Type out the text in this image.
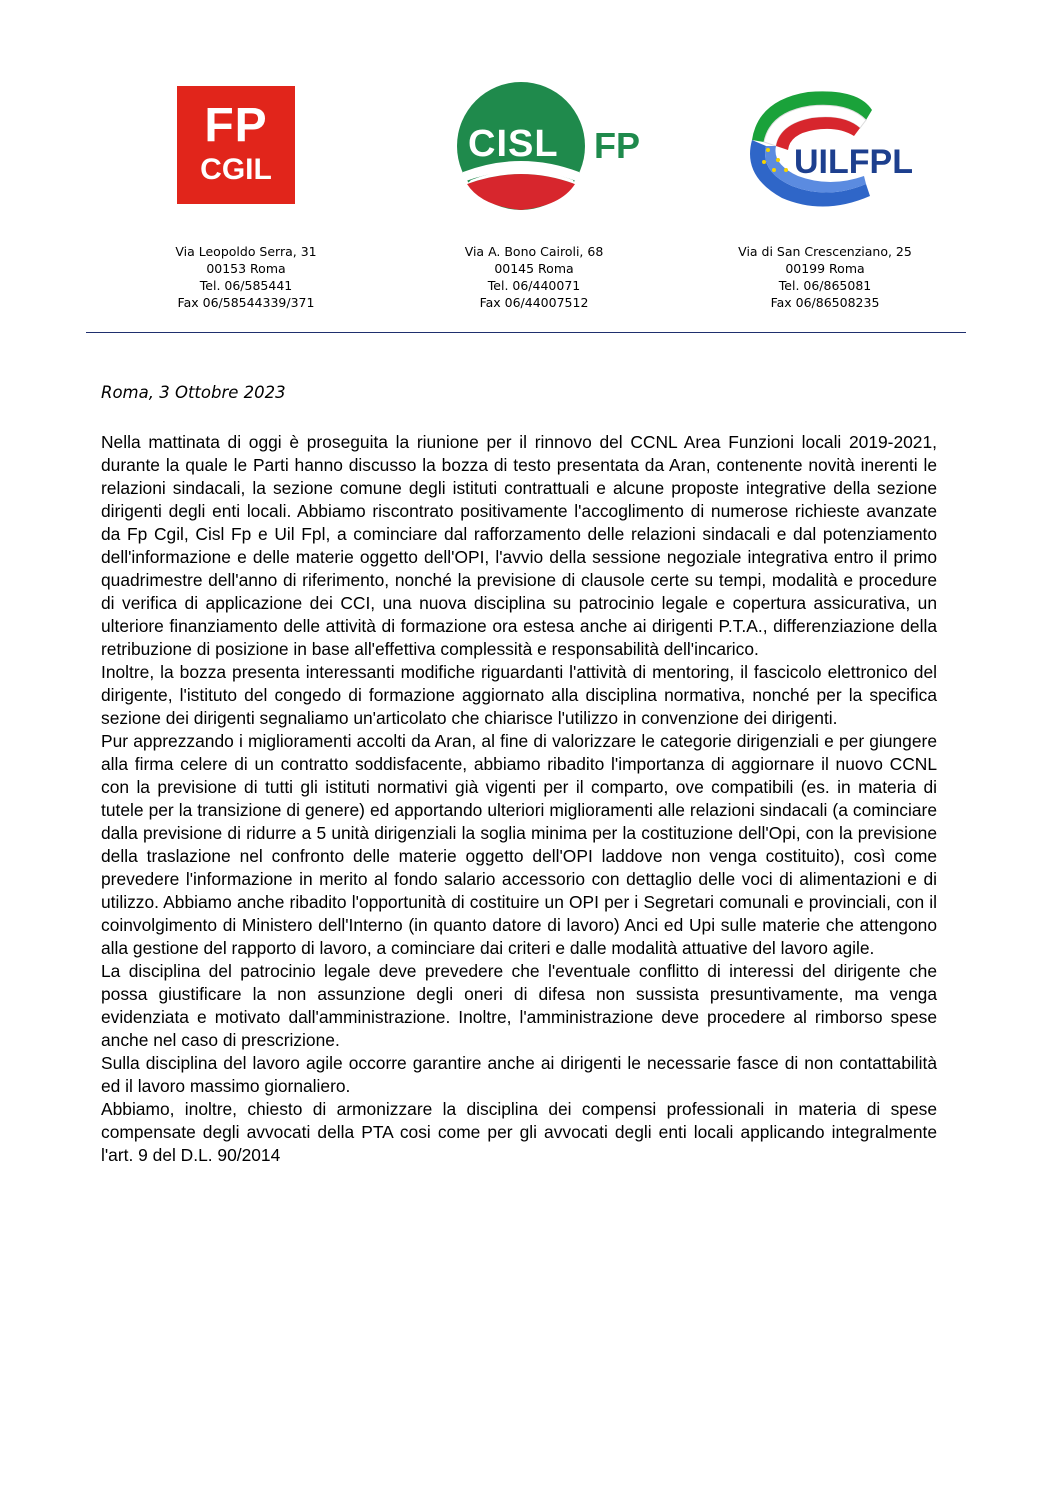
FP
CGIL
CISL FP	UILFPL
Via Leopoldo Serra, 31
00153 Roma
Tel. 06/585441
Fax 06/58544339/371
Via A. Bono Cairoli, 68
00145 Roma
Tel. 06/440071
Fax 06/44007512
Via di San Crescenziano, 25
00199 Roma
Tel. 06/865081
Fax 06/86508235
Roma, 3 Ottobre 2023

Nella mattinata di oggi è proseguita la riunione per il rinnovo del CCNL Area Funzioni locali 2019-2021, durante la quale le Parti hanno discusso la bozza di testo presentata da Aran, contenente novità inerenti le relazioni sindacali, la sezione comune degli istituti contrattuali e alcune proposte integrative della sezione dirigenti degli enti locali. Abbiamo riscontrato positivamente l'accoglimento di numerose richieste avanzate da Fp Cgil, Cisl Fp e Uil Fpl, a cominciare dal rafforzamento delle relazioni sindacali e dal potenziamento dell'informazione e delle materie oggetto dell'OPI, l'avvio della sessione negoziale integrativa entro il primo quadrimestre dell'anno di riferimento, nonché la previsione di clausole certe su tempi, modalità e procedure di verifica di applicazione dei CCI, una nuova disciplina su patrocinio legale e copertura assicurativa, un ulteriore finanziamento delle attività di formazione ora estesa anche ai dirigenti P.T.A., differenziazione della retribuzione di posizione in base all'effettiva complessità e responsabilità dell'incarico.

Inoltre, la bozza presenta interessanti modifiche riguardanti l'attività di mentoring, il fascicolo elettronico del dirigente, l'istituto del congedo di formazione aggiornato alla disciplina normativa, nonché per la specifica sezione dei dirigenti segnaliamo un'articolato che chiarisce l'utilizzo in convenzione dei dirigenti.

Pur apprezzando i miglioramenti accolti da Aran, al fine di valorizzare le categorie dirigenziali e per giungere alla firma celere di un contratto soddisfacente, abbiamo ribadito l'importanza di aggiornare il nuovo CCNL con la previsione di tutti gli istituti normativi già vigenti per il comparto, ove compatibili (es. in materia di tutele per la transizione di genere) ed apportando ulteriori miglioramenti alle relazioni sindacali (a cominciare dalla previsione di ridurre a 5 unità dirigenziali la soglia minima per la costituzione dell'Opi, con la previsione della traslazione nel confronto delle materie oggetto dell'OPI laddove non venga costituito), così come prevedere l'informazione in merito al fondo salario accessorio con dettaglio delle voci di alimentazioni e di utilizzo. Abbiamo anche ribadito l'opportunità di costituire un OPI per i Segretari comunali e provinciali, con il coinvolgimento di Ministero dell'Interno (in quanto datore di lavoro) Anci ed Upi sulle materie che attengono alla gestione del rapporto di lavoro, a cominciare dai criteri e dalle modalità attuative del lavoro agile.

La disciplina del patrocinio legale deve prevedere che l'eventuale conflitto di interessi del dirigente che possa giustificare la non assunzione degli oneri di difesa non sussista presuntivamente, ma venga evidenziata e motivato dall'amministrazione. Inoltre, l'amministrazione deve procedere al rimborso spese anche nel caso di prescrizione.

Sulla disciplina del lavoro agile occorre garantire anche ai dirigenti le necessarie fasce di non contattabilità ed il lavoro massimo giornaliero.

Abbiamo, inoltre, chiesto di armonizzare la disciplina dei compensi professionali in materia di spese compensate degli avvocati della PTA cosi come per gli avvocati degli enti locali applicando integralmente l'art. 9 del D.L. 90/2014
